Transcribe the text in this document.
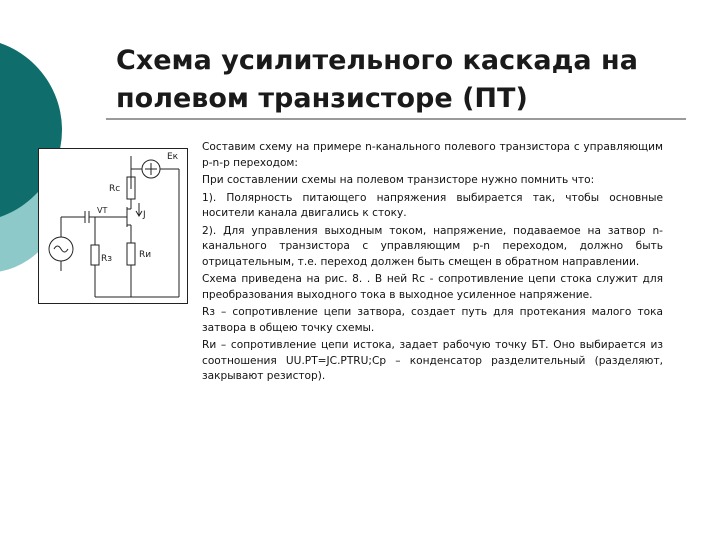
Схема усилительного каскада на
полевом транзисторе (ПТ)
Eк
Rc
VT	J
Rз	Rи

Составим схему на примере n-канального полевого транзистора с управляющим p-n-p переходом:

При составлении схемы на полевом транзисторе нужно помнить что:

1). Полярность питающего напряжения выбирается так, чтобы основные носители канала двигались к стоку.

2). Для управления выходным током, напряжение, подаваемое на затвор n-канального транзистора с управляющим p-n переходом, должно быть отрицательным, т.е. переход должен быть смещен в обратном направлении.

Схема приведена на рис. 8. . В ней Rс - сопротивление цепи стока служит для преобразования выходного тока в выходное усиленное напряжение.

Rз – сопротивление цепи затвора, создает путь для протекания малого тока затвора в общею точку схемы.

Rи – сопротивление цепи истока, задает рабочую точку БТ. Оно выбирается из соотношения UU.PT=JC.PTRU;Cр – конденсатор разделительный (разделяют, закрывают резистор).
